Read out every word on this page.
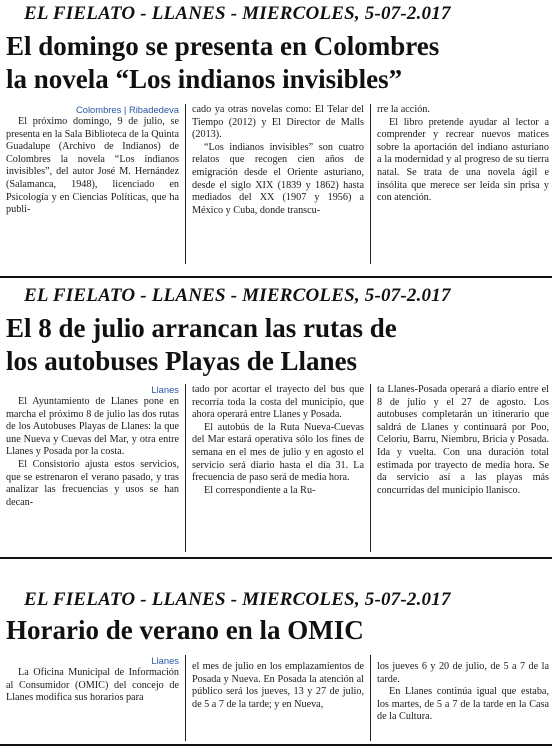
EL FIELATO - LLANES - MIERCOLES, 5-07-2.017
El domingo se presenta en Colombres
la novela “Los indianos invisibles”
Colombres | Ribadedeva

El próximo domingo, 9 de julio, se presenta en la Sala Biblioteca de la Quinta Guadalupe (Archivo de Indianos) de Colombres la novela “Los indianos invisibles”, del autor José M. Hernández (Salamanca, 1948), licenciado en Psicología y en Ciencias Políticas, que ha publi-

cado ya otras novelas como: El Telar del Tiempo (2012) y El Director de Malls (2013).

“Los indianos invisibles” son cuatro relatos que recogen cien años de emigración desde el Oriente asturiano, desde el siglo XIX (1839 y 1862) hasta mediados del XX (1907 y 1956) a México y Cuba, donde transcu-

rre la acción.

El libro pretende ayudar al lector a comprender y recrear nuevos matices sobre la aportación del indiano asturiano a la modernidad y al progreso de su tierra natal. Se trata de una novela ágil e insólita que merece ser leída sin prisa y con atención.

EL FIELATO - LLANES - MIERCOLES, 5-07-2.017
El 8 de julio arrancan las rutas de
los autobuses Playas de Llanes
Llanes

El Ayuntamiento de Llanes pone en marcha el próximo 8 de julio las dos rutas de los Autobuses Playas de Llanes: la que une Nueva y Cuevas del Mar, y otra entre Llanes y Posada por la costa.

El Consistorio ajusta estos servicios, que se estrenaron el verano pasado, y tras analizar las frecuencias y usos se han decan-

tado por acortar el trayecto del bus que recorría toda la costa del municipio, que ahora operará entre Llanes y Posada.

El autobús de la Ruta Nueva-Cuevas del Mar estará operativa sólo los fines de semana en el mes de julio y en agosto el servicio será diario hasta el día 31. La frecuencia de paso será de media hora.

El correspondiente a la Ru-

ta Llanes-Posada operará a diario entre el 8 de julio y el 27 de agosto. Los autobuses completarán un itinerario que saldrá de Llanes y continuará por Poo, Celoriu, Barru, Niembru, Bricia y Posada. Ida y vuelta. Con una duración total estimada por trayecto de media hora. Se da servicio así a las playas más concurridas del municipio llanisco.

EL FIELATO - LLANES - MIERCOLES, 5-07-2.017
Horario de verano en la OMIC
Llanes

La Oficina Municipal de Información al Consumidor (OMIC) del concejo de Llanes modifica sus horarios para

el mes de julio en los emplazamientos de Posada y Nueva. En Posada la atención al público será los jueves, 13 y 27 de julio, de 5 a 7 de la tarde; y en Nueva,

los jueves 6 y 20 de julio, de 5 a 7 de la tarde.

En Llanes continúa igual que estaba, los martes, de 5 a 7 de la tarde en la Casa de la Cultura.
